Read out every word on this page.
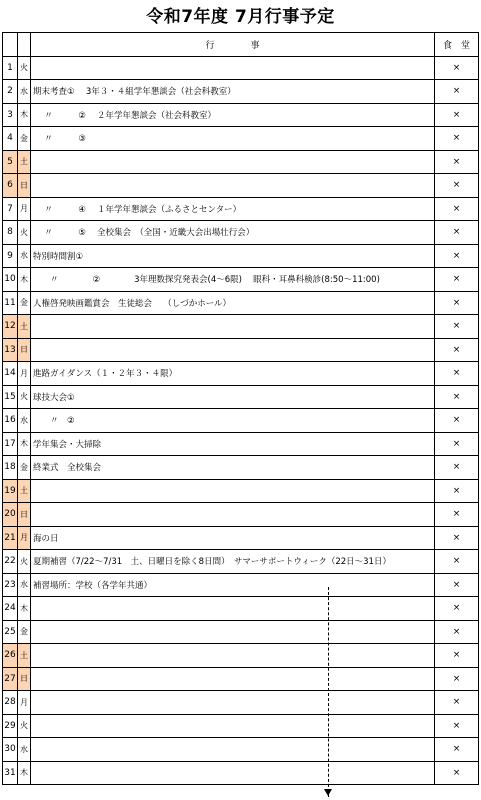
令和7年度 7月行事予定
		行　　　　事	食　堂
1	火		×
2	水	期末考査①　 3年３・４組学年懇談会（社会科教室）	×
3	木	　 〃　　　②　 ２年学年懇談会（社会科教室）	×
4	金	　 〃　　　③	×
5	土		×
6	日		×
7	月	　 〃　　　④　 １年学年懇談会（ふるさとセンター）	×
8	火	　 〃　　　⑤　 全校集会　（全国・近畿大会出場壮行会）	×
9	水	特別時間割①	×
10	木	　　〃　　　　②　　　　3年理数探究発表会(4～6限)　 眼科・耳鼻科検診(8:50～11:00)	×
11	金	人権啓発映画鑑賞会　生徒総会　 （しづかホール）	×
12	土		×
13	日		×
14	月	進路ガイダンス（１・２年３・４限）	×
15	火	球技大会①	×
16	水	　　〃　②	×
17	木	学年集会・大掃除	×
18	金	終業式　全校集会	×
19	土		×
20	日		×
21	月	海の日	×
22	火	夏期補習（7/22～7/31　土、日曜日を除く8日間）　サマーサポートウィーク（22日～31日）	×
23	水	補習場所：学校（各学年共通）	×
24	木		×
25	金		×
26	土		×
27	日		×
28	月		×
29	火		×
30	水		×
31	木		×
